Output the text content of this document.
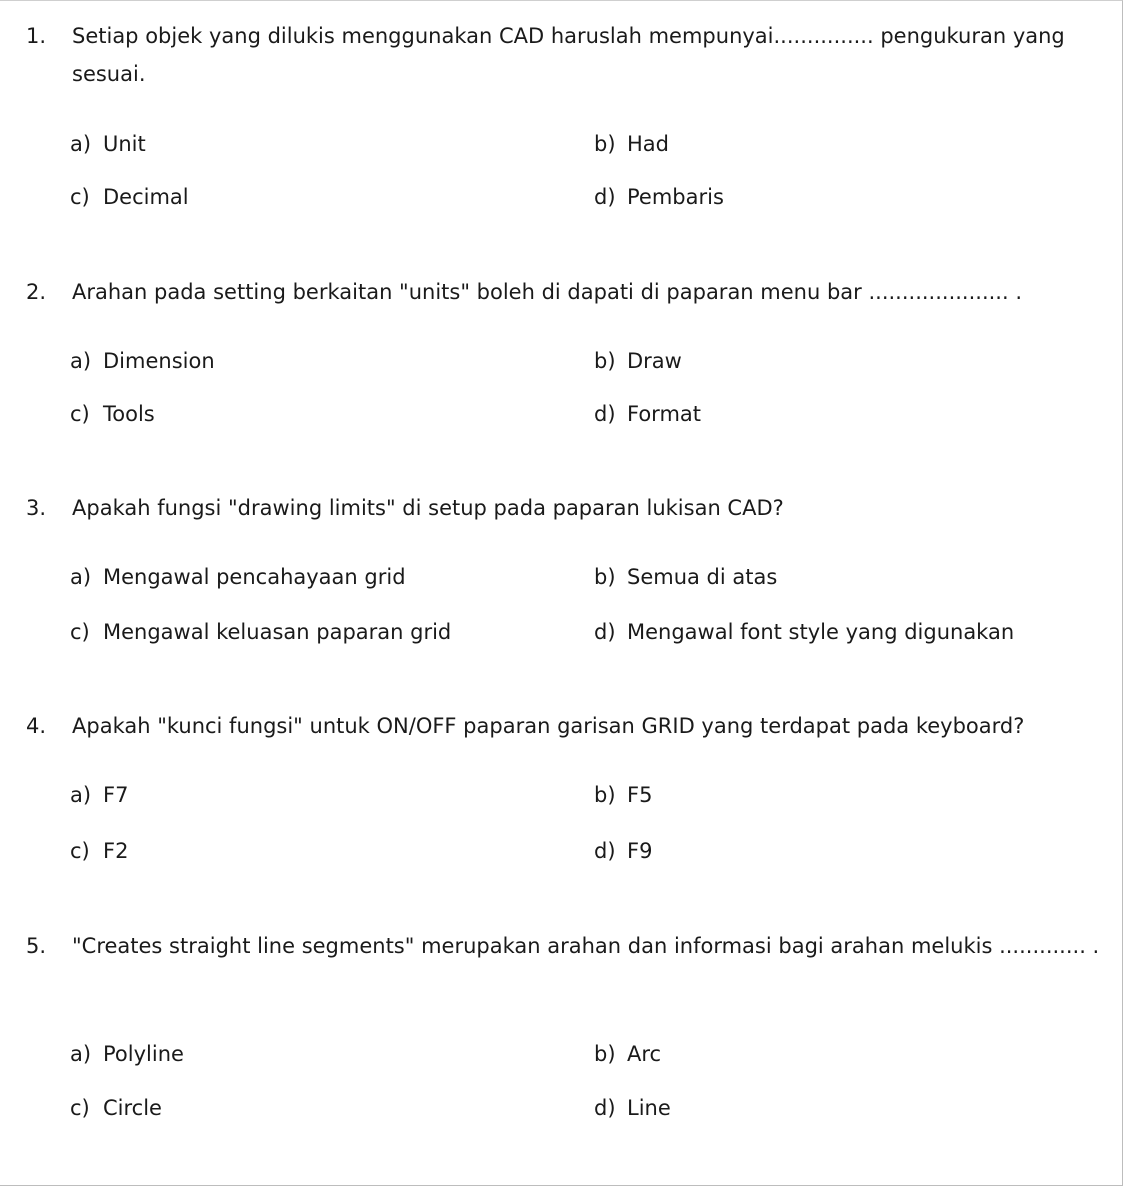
1.	Setiap objek yang dilukis menggunakan CAD haruslah mempunyai............... pengukuran yang sesuai.
a) Unit	b) Had
c) Decimal	d) Pembaris
2.	Arahan pada setting berkaitan "units" boleh di dapati di paparan menu bar ..................... .
a) Dimension	b) Draw
c) Tools	d) Format
3.	Apakah fungsi "drawing limits" di setup pada paparan lukisan CAD?
a) Mengawal pencahayaan grid	b) Semua di atas
c) Mengawal keluasan paparan grid	d) Mengawal font style yang digunakan
4.	Apakah "kunci fungsi" untuk ON/OFF paparan garisan GRID yang terdapat pada keyboard?
a) F7	b) F5
c) F2	d) F9
5.	"Creates straight line segments" merupakan arahan dan informasi bagi arahan melukis ............. .
a) Polyline	b) Arc
c) Circle	d) Line
